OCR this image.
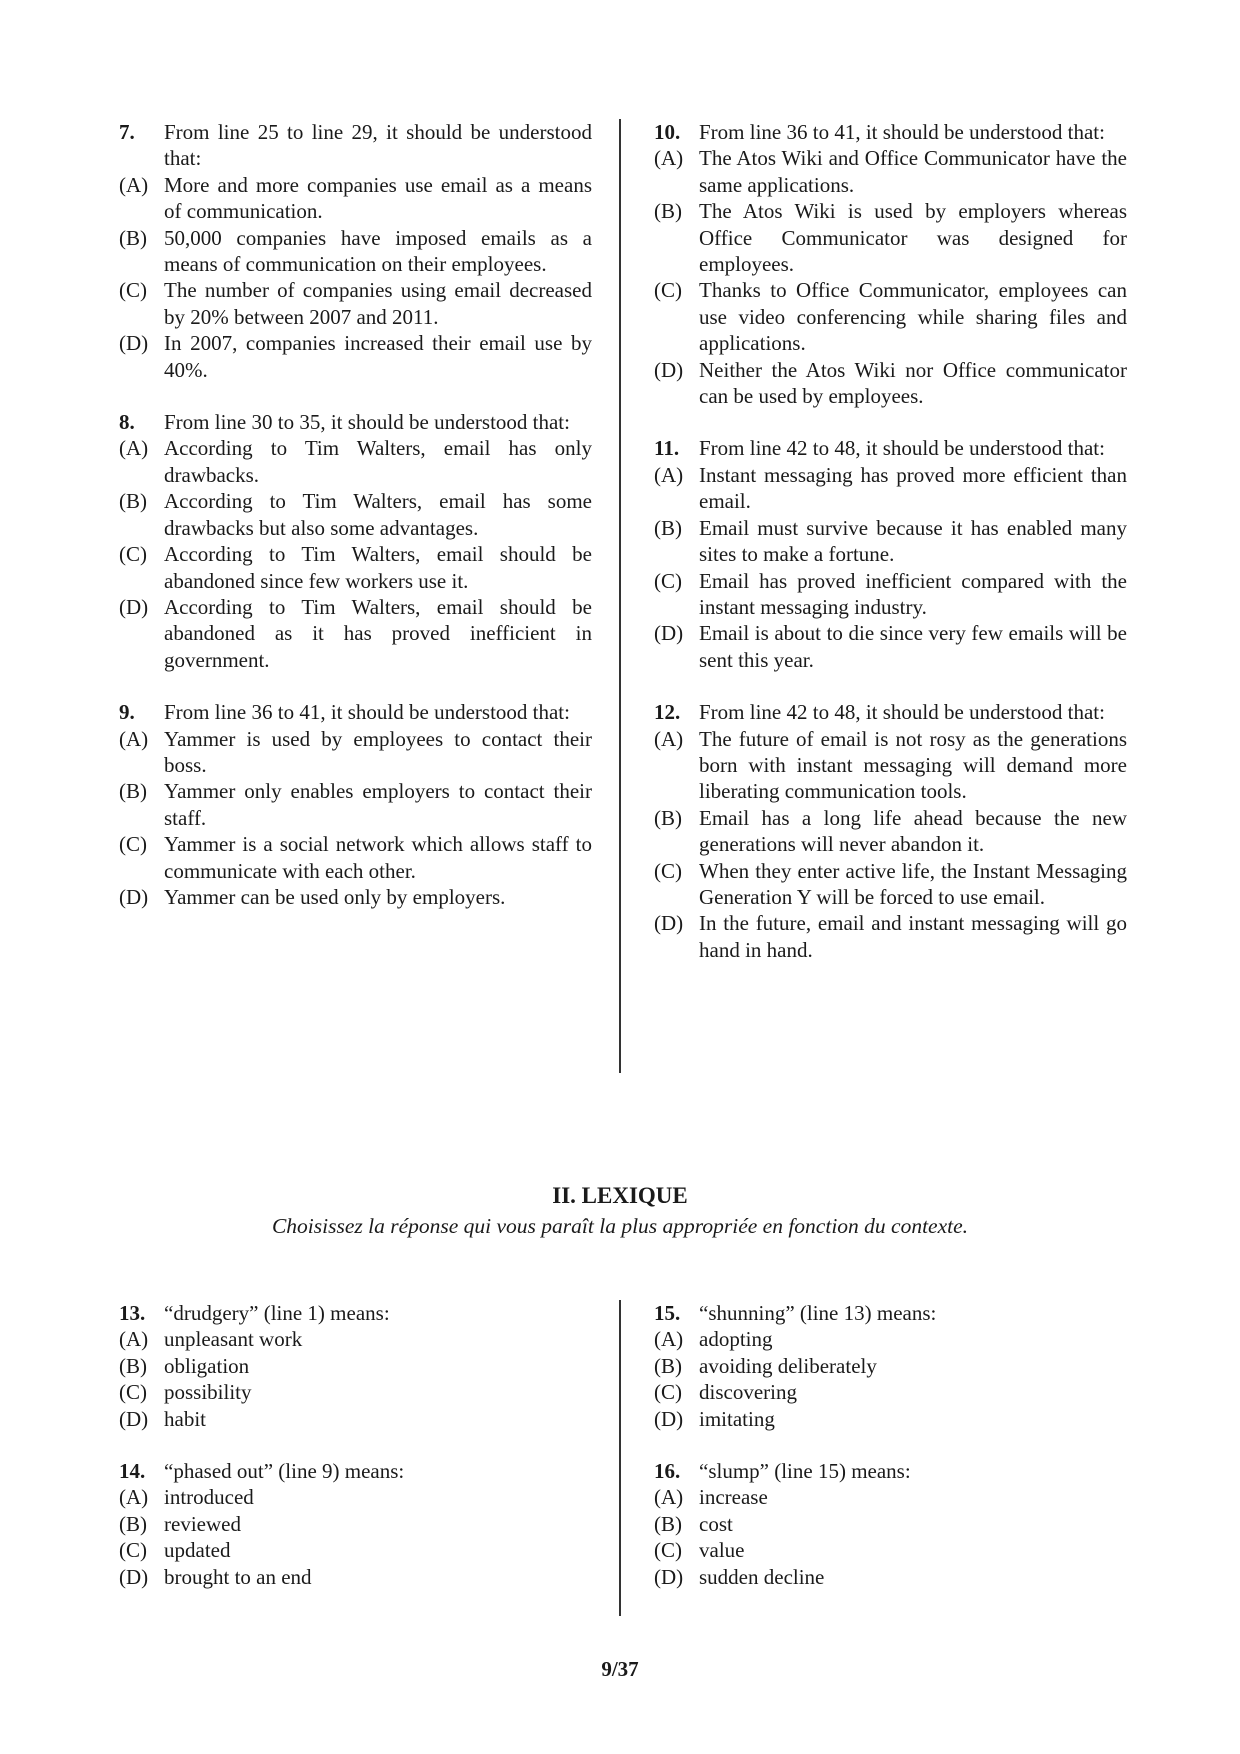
7. From line 25 to line 29, it should be understood that:
(A) More and more companies use email as a means of communication.
(B) 50,000 companies have imposed emails as a means of communication on their employees.
(C) The number of companies using email decreased by 20% between 2007 and 2011.
(D) In 2007, companies increased their email use by 40%.
8. From line 30 to 35, it should be understood that:
(A) According to Tim Walters, email has only drawbacks.
(B) According to Tim Walters, email has some drawbacks but also some advantages.
(C) According to Tim Walters, email should be abandoned since few workers use it.
(D) According to Tim Walters, email should be abandoned as it has proved inefficient in government.
9. From line 36 to 41, it should be understood that:
(A) Yammer is used by employees to contact their boss.
(B) Yammer only enables employers to contact their staff.
(C) Yammer is a social network which allows staff to communicate with each other.
(D) Yammer can be used only by employers.
10. From line 36 to 41, it should be understood that:
(A) The Atos Wiki and Office Communicator have the same applications.
(B) The Atos Wiki is used by employers whereas Office Communicator was designed for employees.
(C) Thanks to Office Communicator, employees can use video conferencing while sharing files and applications.
(D) Neither the Atos Wiki nor Office communicator can be used by employees.
11. From line 42 to 48, it should be understood that:
(A) Instant messaging has proved more efficient than email.
(B) Email must survive because it has enabled many sites to make a fortune.
(C) Email has proved inefficient compared with the instant messaging industry.
(D) Email is about to die since very few emails will be sent this year.
12. From line 42 to 48, it should be understood that:
(A) The future of email is not rosy as the generations born with instant messaging will demand more liberating communication tools.
(B) Email has a long life ahead because the new generations will never abandon it.
(C) When they enter active life, the Instant Messaging Generation Y will be forced to use email.
(D) In the future, email and instant messaging will go hand in hand.
II. LEXIQUE
Choisissez la réponse qui vous paraît la plus appropriée en fonction du contexte.
13. “drudgery” (line 1) means:
(A) unpleasant work
(B) obligation
(C) possibility
(D) habit
14. “phased out” (line 9) means:
(A) introduced
(B) reviewed
(C) updated
(D) brought to an end
15. “shunning” (line 13) means:
(A) adopting
(B) avoiding deliberately
(C) discovering
(D) imitating
16. “slump” (line 15) means:
(A) increase
(B) cost
(C) value
(D) sudden decline
9/37
